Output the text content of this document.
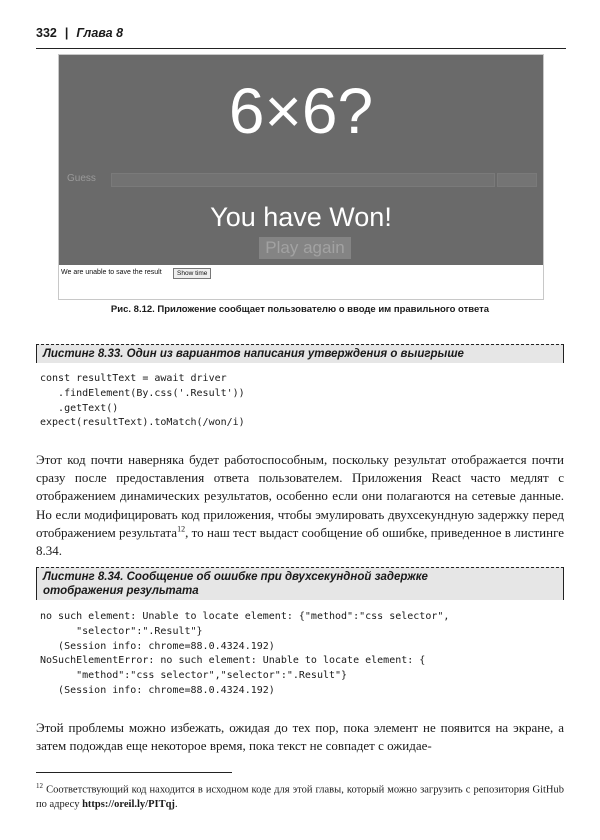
332 | Глава 8
6×6?
Guess
You have Won!
Play again
We are unable to save the result	Show time
Рис. 8.12. Приложение сообщает пользователю о вводе им правильного ответа
Листинг 8.33. Один из вариантов написания утверждения о выигрыше
const resultText = await driver
.findElement(By.css('.Result'))
.getText()
expect(resultText).toMatch(/won/i)

Этот код почти наверняка будет работоспособным, поскольку результат отображается почти сразу после предоставления ответа пользователем. Приложения React часто медлят с отображением динамических результатов, особенно если они полагаются на сетевые данные. Но если модифицировать код приложения, чтобы эмулировать двухсекундную задержку перед отображением результата$^{12}$, то наш тест выдаст сообщение об ошибке, приведенное в листинге 8.34.

Листинг 8.34. Сообщение об ошибке при двухсекундной задержке
отображения результата
no such element: Unable to locate element: {"method":"css selector",
"selector":".Result"}
(Session info: chrome=88.0.4324.192)
NoSuchElementError: no such element: Unable to locate element: {
"method":"css selector","selector":".Result"}
(Session info: chrome=88.0.4324.192)

Этой проблемы можно избежать, ожидая до тех пор, пока элемент не появится на экране, а затем подождав еще некоторое время, пока текст не совпадет с ожидае-

$^{12}$ Соответствующий код находится в исходном коде для этой главы, который можно загрузить с репозитория GitHub по адресу https://oreil.ly/PITqj.
